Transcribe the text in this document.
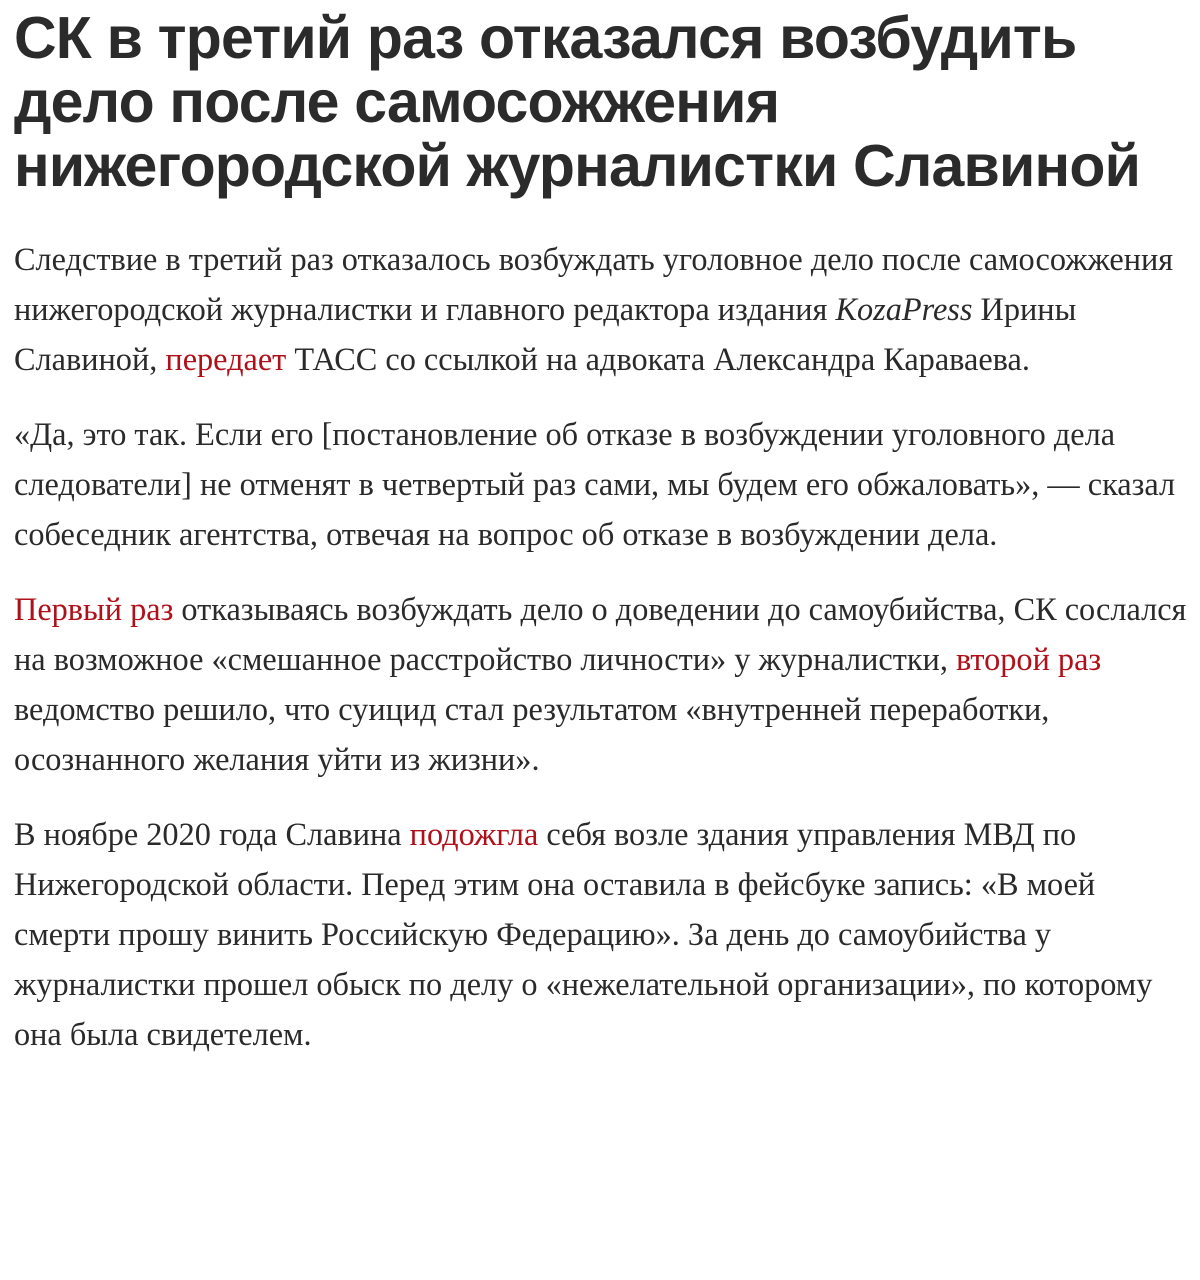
СК в третий раз отказался возбудить дело после самосожжения нижегородской журналистки Славиной

Следствие в третий раз отказалось возбуждать уголовное дело после самосожжения нижегородской журналистки и главного редактора издания KozaPress Ирины Славиной, передает ТАСС со ссылкой на адвоката Александра Караваева.

«Да, это так. Если его [постановление об отказе в возбуждении уголовного дела следователи] не отменят в четвертый раз сами, мы будем его обжаловать», — сказал собеседник агентства, отвечая на вопрос об отказе в возбуждении дела.

Первый раз отказываясь возбуждать дело о доведении до самоубийства, СК сослался на возможное «смешанное расстройство личности» у журналистки, второй раз ведомство решило, что суицид стал результатом «внутренней переработки, осознанного желания уйти из жизни».

В ноябре 2020 года Славина подожгла себя возле здания управления МВД по Нижегородской области. Перед этим она оставила в фейсбуке запись: «В моей смерти прошу винить Российскую Федерацию». За день до самоубийства у журналистки прошел обыск по делу о «нежелательной организации», по которому она была свидетелем.
